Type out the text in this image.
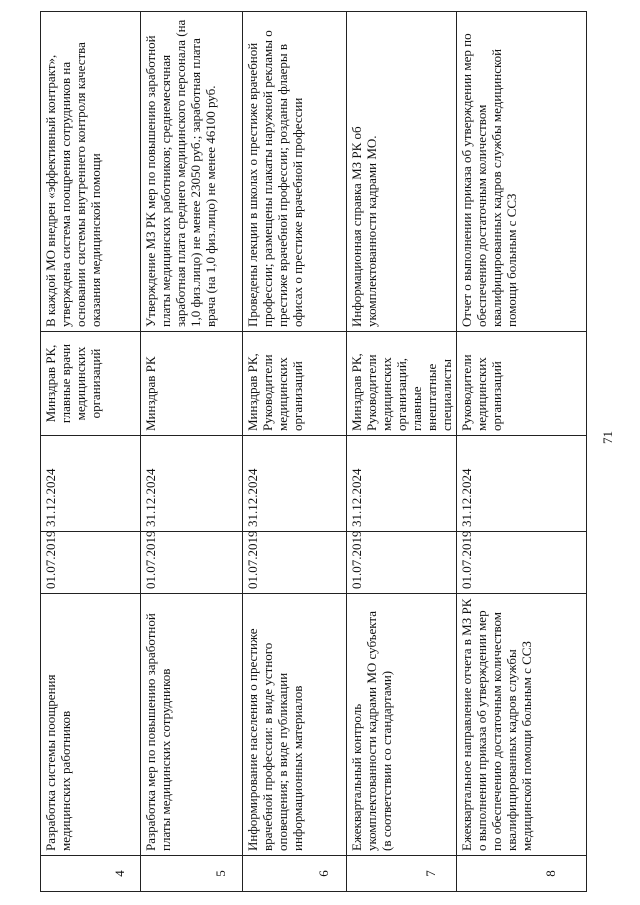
4	Разработка системы поощрения медицинских работников	01.07.2019	31.12.2024	Минздрав РК, главные врачи медицинских организаций	В каждой МО внедрен «эффективный контракт», утверждена система поощрения сотрудников на основании системы внутреннего контроля качества оказания медицинской помощи
5	Разработка мер по повышению заработной платы медицинских сотрудников	01.07.2019	31.12.2024	Минздрав РК	Утверждение МЗ РК мер по повышению заработной платы медицинских работников; среднемесячная заработная плата среднего медицинского персонала (на 1,0 физ.лицо) не менее 23050 руб.; заработная плата врача (на 1,0 физ.лицо) не менее 46100 руб.
6	Информирование населения о престиже врачебной профессии: в виде устного оповещения; в виде публикации информационных материалов	01.07.2019	31.12.2024	Минздрав РК, Руководители медицинских организаций	Проведены лекции в школах о престиже врачебной профессии; размещены плакаты наружной рекламы о престиже врачебной профессии; розданы флаеры в офисах о престиже врачебной профессии
7	Ежеквартальный контроль укомплектованности кадрами МО субъекта (в соответствии со стандартами)	01.07.2019	31.12.2024	Минздрав РК, Руководители медицинских организаций, главные внештатные специалисты	Информационная справка МЗ РК об укомплектованности кадрами МО.
8	Ежеквартальное направление отчета в МЗ РК о выполнении приказа об утверждении мер по обеспечению достаточным количеством квалифицированных кадров службы медицинской помощи больным с ССЗ	01.07.2019	31.12.2024	Руководители медицинских организаций	Отчет о выполнении приказа об утверждении мер по обеспечению достаточным количеством квалифицированных кадров службы медицинской помощи больным с ССЗ
71
